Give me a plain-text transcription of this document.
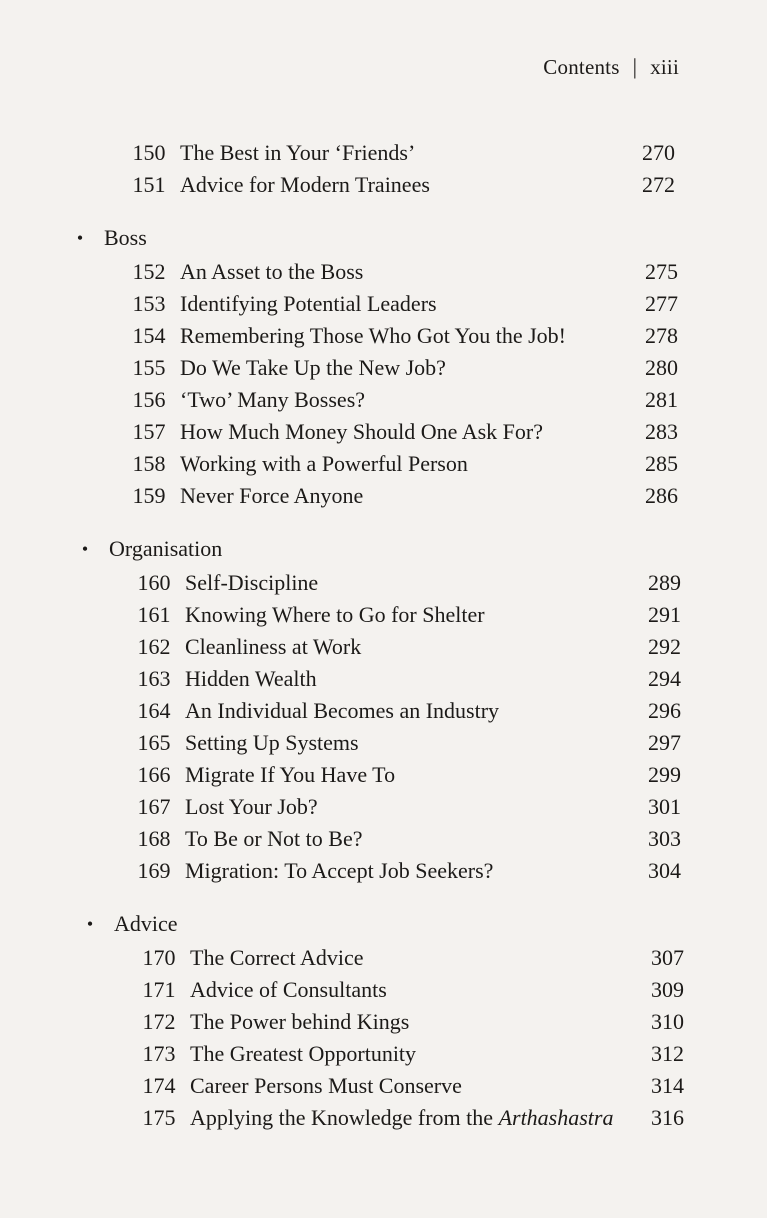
Contents | xiii
150 The Best in Your ‘Friends’	270
151 Advice for Modern Trainees	272
• Boss
152 An Asset to the Boss	275
153 Identifying Potential Leaders	277
154 Remembering Those Who Got You the Job!	278
155 Do We Take Up the New Job?	280
156 ‘Two’ Many Bosses?	281
157 How Much Money Should One Ask For?	283
158 Working with a Powerful Person	285
159 Never Force Anyone	286
• Organisation
160 Self-Discipline	289
161 Knowing Where to Go for Shelter	291
162 Cleanliness at Work	292
163 Hidden Wealth	294
164 An Individual Becomes an Industry	296
165 Setting Up Systems	297
166 Migrate If You Have To	299
167 Lost Your Job?	301
168 To Be or Not to Be?	303
169 Migration: To Accept Job Seekers?	304
• Advice
170 The Correct Advice	307
171 Advice of Consultants	309
172 The Power behind Kings	310
173 The Greatest Opportunity	312
174 Career Persons Must Conserve	314
175 Applying the Knowledge from the Arthashastra	316
